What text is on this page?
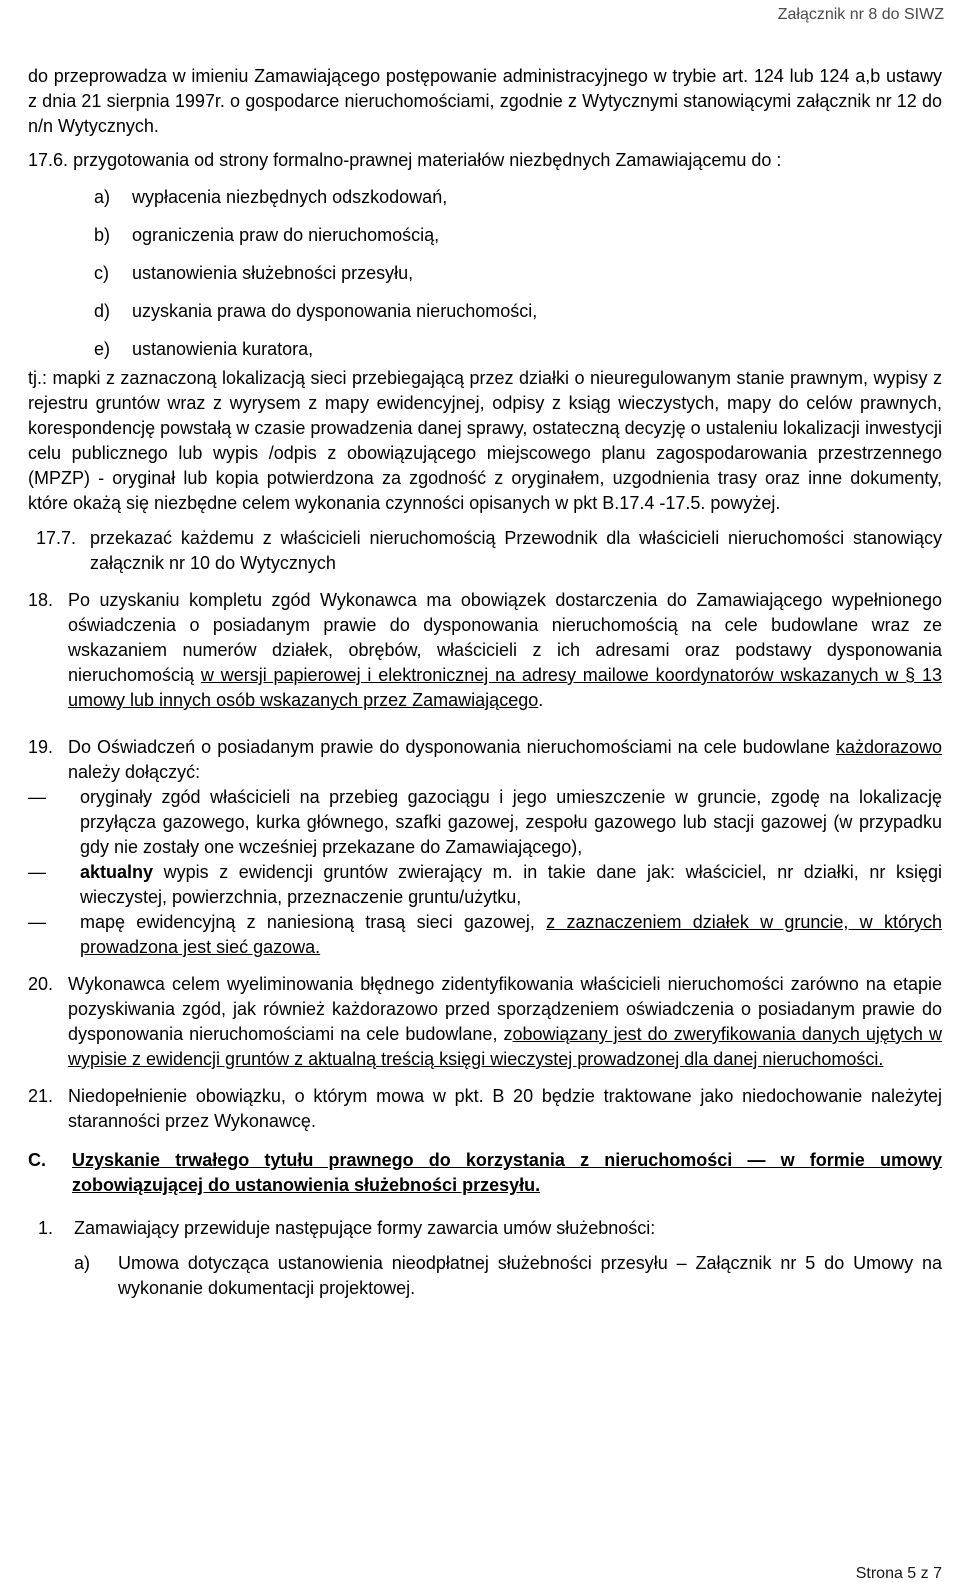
Załącznik nr 8 do SIWZ

do przeprowadza w imieniu Zamawiającego postępowanie administracyjnego w trybie art. 124 lub 124 a,b ustawy z dnia 21 sierpnia 1997r. o gospodarce nieruchomościami, zgodnie z Wytycznymi stanowiącymi załącznik nr 12 do n/n Wytycznych.

17.6. przygotowania od strony formalno-prawnej materiałów niezbędnych Zamawiającemu do :

a)	wypłacenia niezbędnych odszkodowań,
b)	ograniczenia praw do nieruchomością,
c)	ustanowienia służebności przesyłu,
d)	uzyskania prawa do dysponowania nieruchomości,
e)	ustanowienia kuratora,

tj.: mapki z zaznaczoną lokalizacją sieci przebiegającą przez działki o nieuregulowanym stanie prawnym, wypisy z rejestru gruntów wraz z wyrysem z mapy ewidencyjnej, odpisy z ksiąg wieczystych, mapy do celów prawnych, korespondencję powstałą w czasie prowadzenia danej sprawy, ostateczną decyzję o ustaleniu lokalizacji inwestycji celu publicznego lub wypis /odpis z obowiązującego miejscowego planu zagospodarowania przestrzennego (MPZP) - oryginał lub kopia potwierdzona za zgodność z oryginałem, uzgodnienia trasy oraz inne dokumenty, które okażą się niezbędne celem wykonania czynności opisanych w pkt B.17.4 -17.5. powyżej.

17.7. przekazać każdemu z właścicieli nieruchomością Przewodnik dla właścicieli nieruchomości stanowiący załącznik nr 10 do Wytycznych
18. Po uzyskaniu kompletu zgód Wykonawca ma obowiązek dostarczenia do Zamawiającego wypełnionego oświadczenia o posiadanym prawie do dysponowania nieruchomością na cele budowlane wraz ze wskazaniem numerów działek, obrębów, właścicieli z ich adresami oraz podstawy dysponowania nieruchomością w wersji papierowej i elektronicznej na adresy mailowe koordynatorów wskazanych w § 13 umowy lub innych osób wskazanych przez Zamawiającego.
19. Do Oświadczeń o posiadanym prawie do dysponowania nieruchomościami na cele budowlane każdorazowo należy dołączyć:
—	oryginały zgód właścicieli na przebieg gazociągu i jego umieszczenie w gruncie, zgodę na lokalizację przyłącza gazowego, kurka głównego, szafki gazowej, zespołu gazowego lub stacji gazowej (w przypadku gdy nie zostały one wcześniej przekazane do Zamawiającego),
—	aktualny wypis z ewidencji gruntów zwierający m. in takie dane jak: właściciel, nr działki, nr księgi wieczystej, powierzchnia, przeznaczenie gruntu/użytku,
—	mapę ewidencyjną z naniesioną trasą sieci gazowej, z zaznaczeniem działek w gruncie, w których prowadzona jest sieć gazowa.
20. Wykonawca celem wyeliminowania błędnego zidentyfikowania właścicieli nieruchomości zarówno na etapie pozyskiwania zgód, jak również każdorazowo przed sporządzeniem oświadczenia o posiadanym prawie do dysponowania nieruchomościami na cele budowlane, zobowiązany jest do zweryfikowania danych ujętych w wypisie z ewidencji gruntów z aktualną treścią księgi wieczystej prowadzonej dla danej nieruchomości.
21. Niedopełnienie obowiązku, o którym mowa w pkt. B 20 będzie traktowane jako niedochowanie należytej staranności przez Wykonawcę.
C.	Uzyskanie trwałego tytułu prawnego do korzystania z nieruchomości — w formie umowy zobowiązującej do ustanowienia służebności przesyłu.
1.	Zamawiający przewiduje następujące formy zawarcia umów służebności:
a)	Umowa dotycząca ustanowienia nieodpłatnej służebności przesyłu – Załącznik nr 5 do Umowy na wykonanie dokumentacji projektowej.
Strona 5 z 7
